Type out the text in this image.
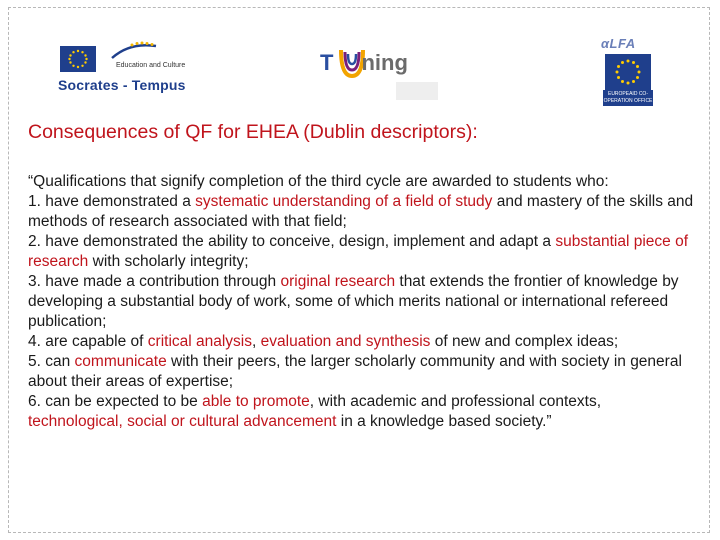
Education and Culture
Socrates - Tempus
T ning
αLFA
EUROPEAID CO-OPERATION OFFICE
Consequences of QF for EHEA (Dublin descriptors):
“Qualifications that signify completion of the third cycle are awarded to students who:
1. have demonstrated a systematic understanding of a field of study and mastery of the skills and methods of research associated with that field;
2. have demonstrated the ability to conceive, design, implement and adapt a substantial piece of research with scholarly integrity;
3. have made a contribution through original research that extends the frontier of knowledge by developing a substantial body of work, some of which merits national or international refereed publication;
4. are capable of critical analysis, evaluation and synthesis of new and complex ideas;
5. can communicate with their peers, the larger scholarly community and with society in general about their areas of expertise;
6. can be expected to be able to promote, with academic and professional contexts, technological, social or cultural advancement in a knowledge based society.”
